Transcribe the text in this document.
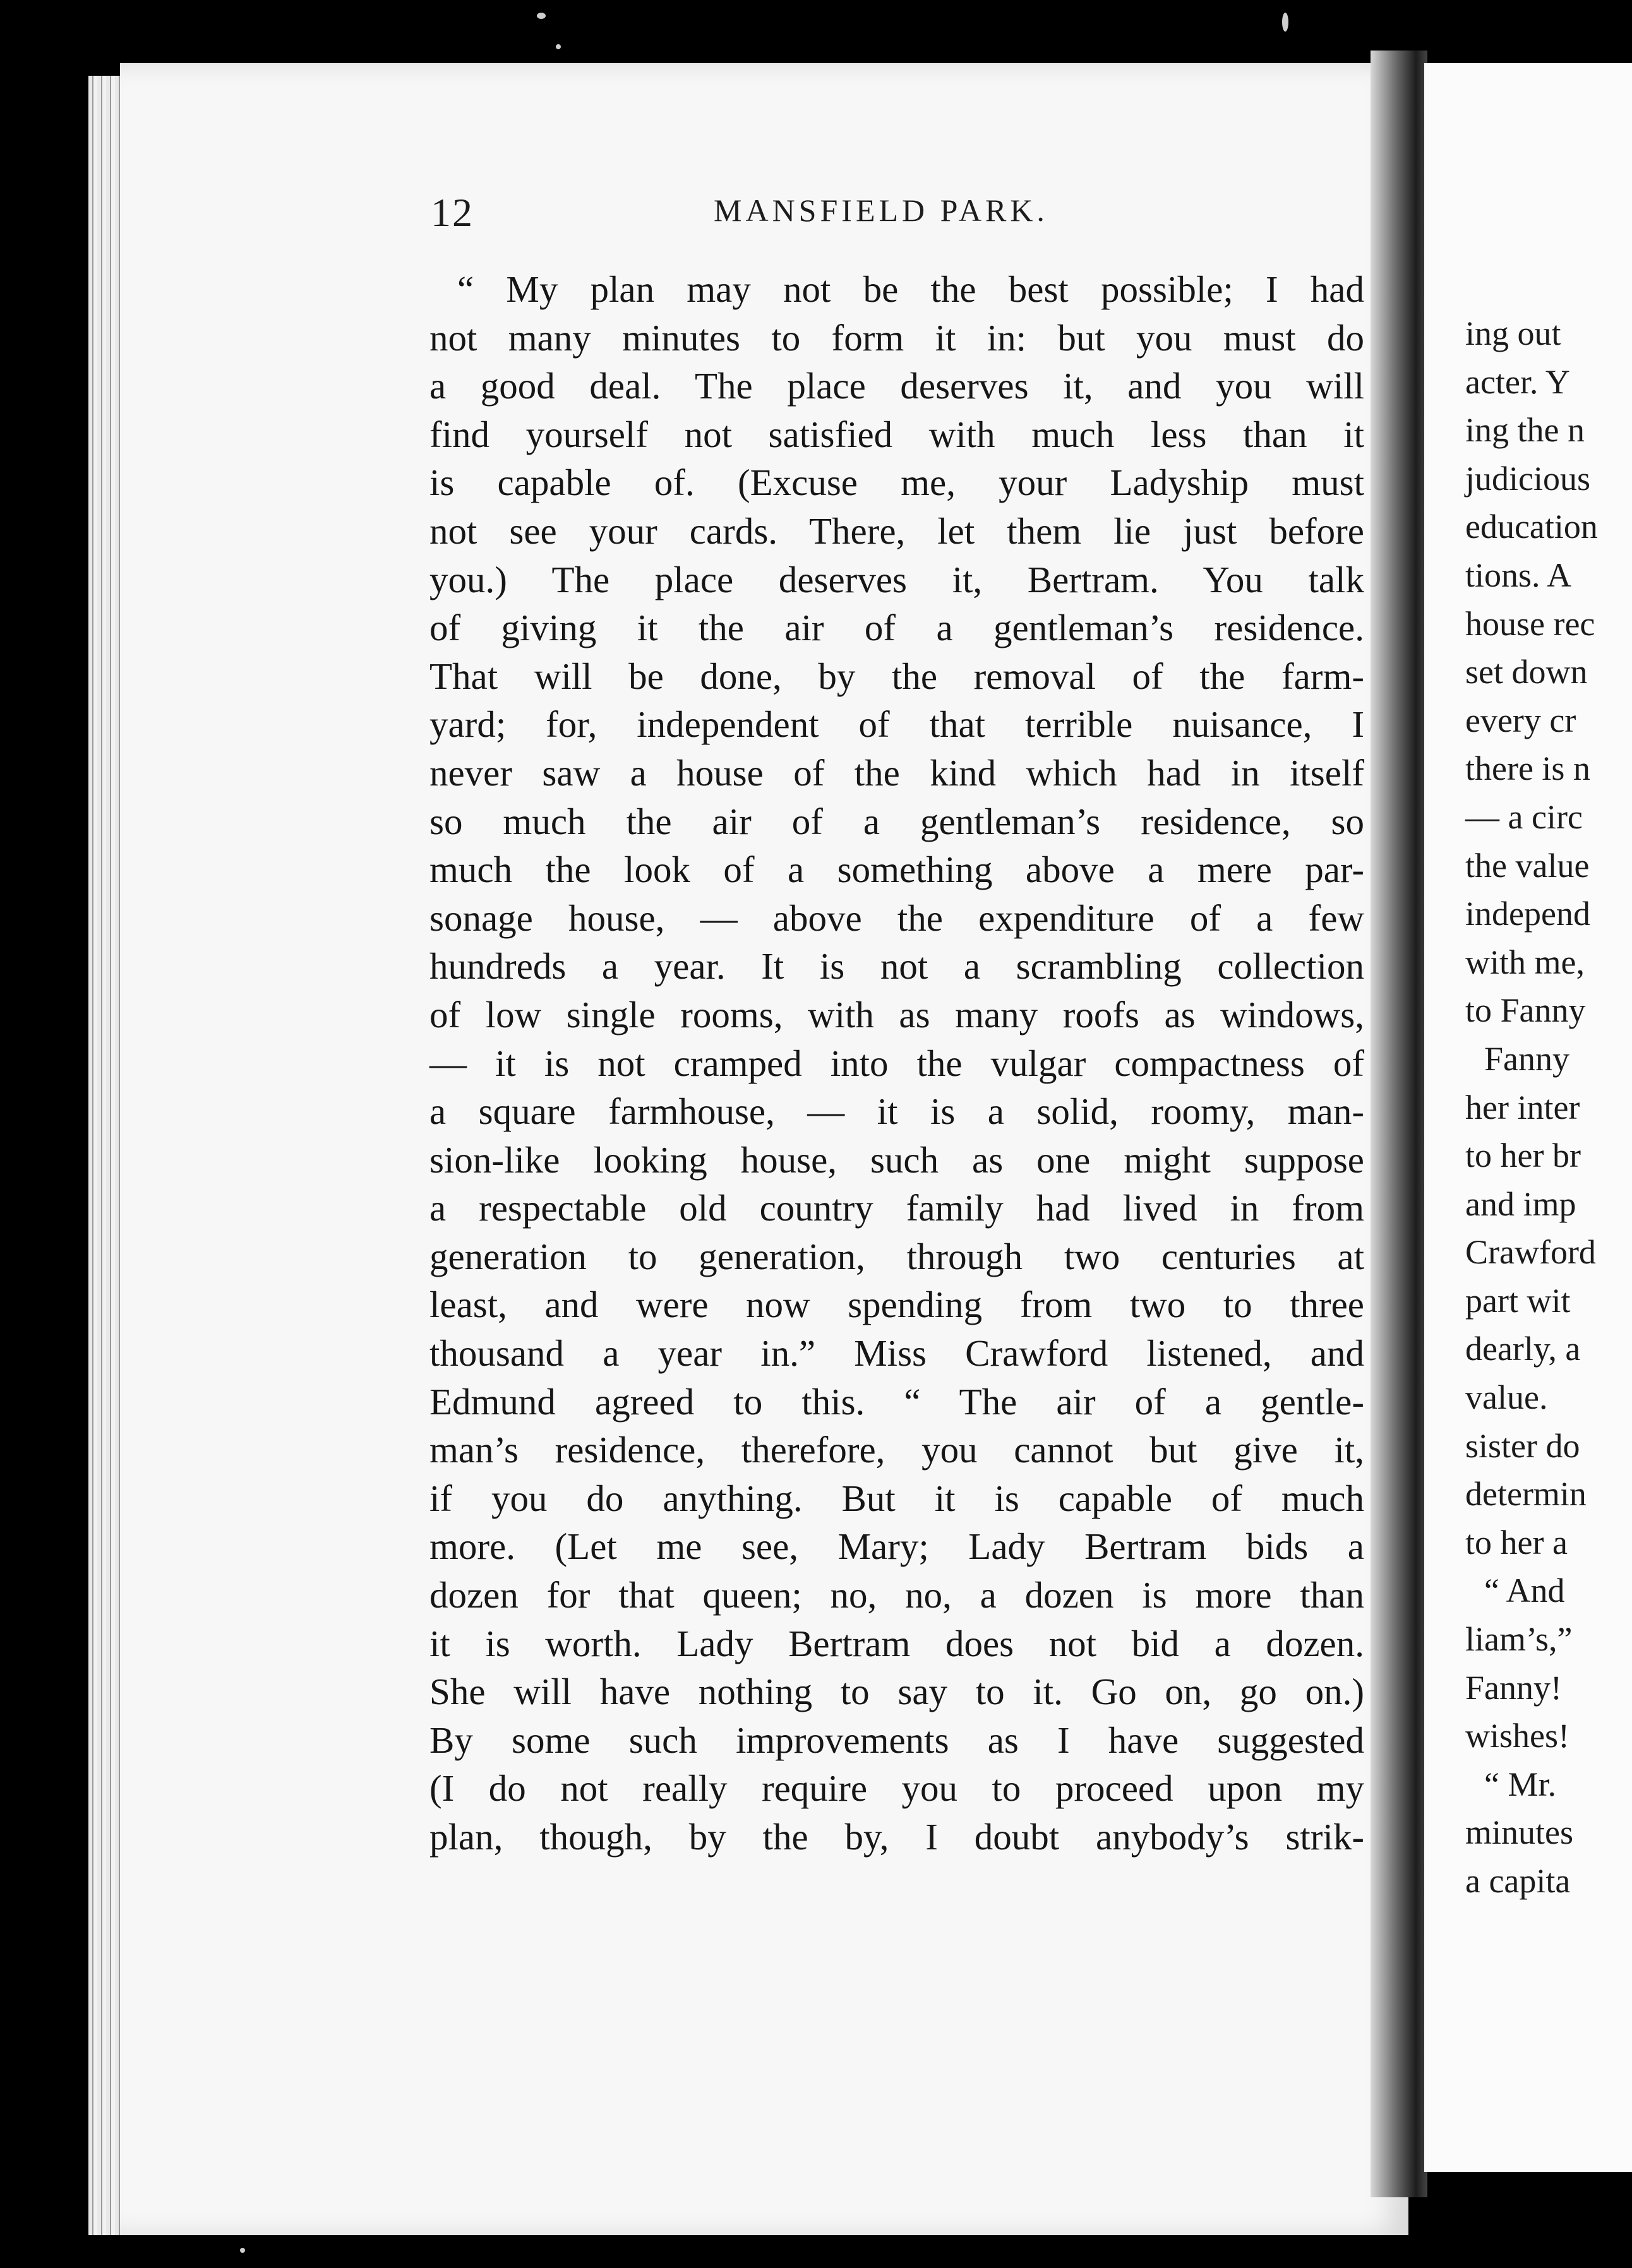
12	MANSFIELD PARK.
“ My plan may not be the best possible; I had
not many minutes to form it in: but you must do
a good deal. The place deserves it, and you will
find yourself not satisfied with much less than it
is capable of. (Excuse me, your Ladyship must
not see your cards. There, let them lie just before
you.) The place deserves it, Bertram. You talk
of giving it the air of a gentleman’s residence.
That will be done, by the removal of the farm-
yard; for, independent of that terrible nuisance, I
never saw a house of the kind which had in itself
so much the air of a gentleman’s residence, so
much the look of a something above a mere par-
sonage house, — above the expenditure of a few
hundreds a year. It is not a scrambling collection
of low single rooms, with as many roofs as windows,
— it is not cramped into the vulgar compactness of
a square farmhouse, — it is a solid, roomy, man-
sion-like looking house, such as one might suppose
a respectable old country family had lived in from
generation to generation, through two centuries at
least, and were now spending from two to three
thousand a year in.” Miss Crawford listened, and
Edmund agreed to this. “ The air of a gentle-
man’s residence, therefore, you cannot but give it,
if you do anything. But it is capable of much
more. (Let me see, Mary; Lady Bertram bids a
dozen for that queen; no, no, a dozen is more than
it is worth. Lady Bertram does not bid a dozen.
She will have nothing to say to it. Go on, go on.)
By some such improvements as I have suggested
(I do not really require you to proceed upon my
plan, though, by the by, I doubt anybody’s strik-
ing out
acter. Y
ing the n
judicious
education
tions. A
house rec
set down
every cr
there is n
— a circ
the value
independ
with me,
to Fanny
Fanny
her inter
to her br
and imp
Crawford
part wit
dearly, a
value.
sister do
determin
to her a
“ And
liam’s,”
Fanny!
wishes!
“ Mr.
minutes
a capita
